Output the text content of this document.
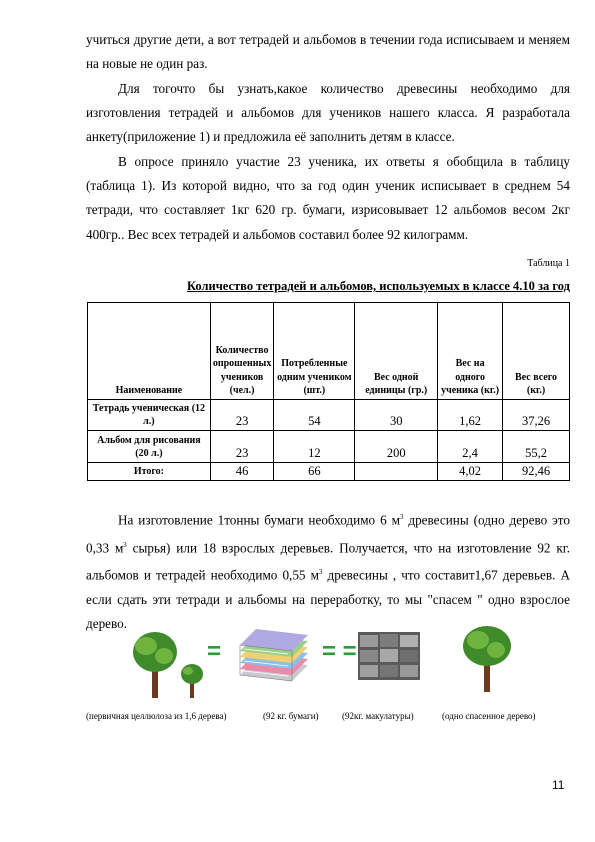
учиться другие дети, а вот тетрадей и альбомов в течении года исписываем и меняем на новые не один раз.

Для тогочто бы узнать,какое количество древесины необходимо для изготовления тетрадей и альбомов для учеников нашего класса. Я разработала анкету(приложение 1) и предложила её заполнить детям в классе.

В опросе приняло участие 23 ученика, их ответы я обобщила в таблицу (таблица 1). Из которой видно, что за год один ученик исписывает в среднем 54 тетради, что составляет 1кг 620 гр. бумаги, изрисовывает 12 альбомов весом 2кг 400гр.. Вес всех тетрадей и альбомов составил более 92 килограмм.

Таблица 1
Количество тетрадей и альбомов, используемых в классе 4.10 за год
Наименование	Количество опрошенных учеников (чел.)	Потребленные одним учеником (шт.)	Вес одной единицы (гр.)	Вес на одного ученика (кг.)	Вес всего (кг.)
Тетрадь ученическая (12 л.)	23	54	30	1,62	37,26
Альбом для рисования (20 л.)	23	12	200	2,4	55,2
Итого:	46	66		4,02	92,46

На изготовление 1тонны бумаги необходимо 6 $м^3$ древесины (одно дерево это 0,33 $м^3$ сырья) или 18 взрослых деревьев. Получается, что на изготовление 92 кг. альбомов и тетрадей необходимо 0,55 $м^3$ древесины , что составит1,67 деревьев. А если сдать эти тетради и альбомы на переработку, то мы "спасем " одно взрослое дерево.

=	= =
(первичная целлюлоза из 1,6 дерева)	(92 кг. бумаги)	(92кг. макулатуры)	(одно спасенное дерево)
11
